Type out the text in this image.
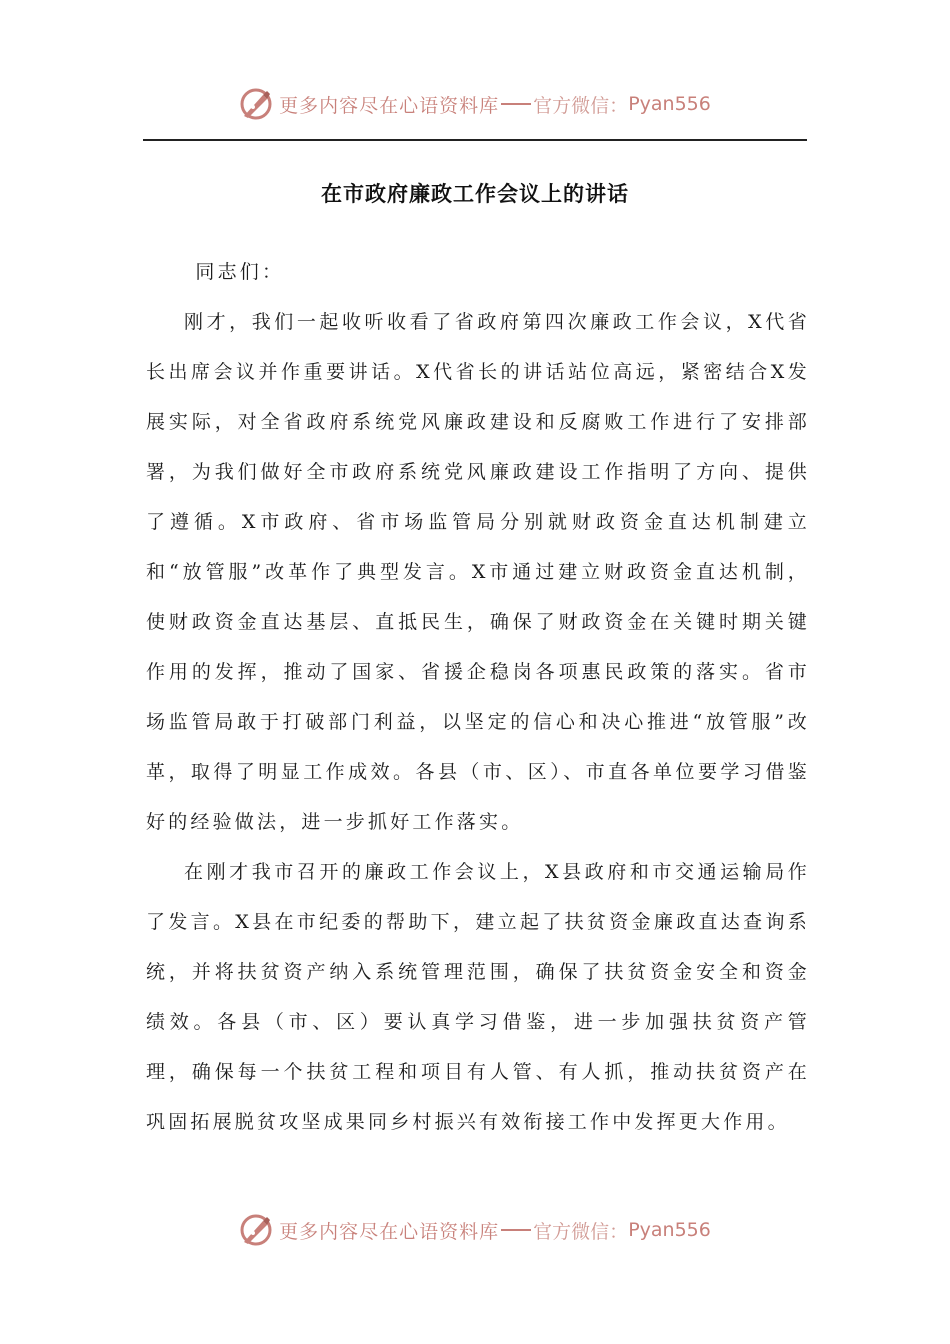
更多内容尽在心语资料库 官方微信： Pyan556
在市政府廉政工作会议上的讲话

同志们：

刚才，我们一起收听收看了省政府第四次廉政工作会议，X代省长出席会议并作重要讲话。X代省长的讲话站位高远，紧密结合X发展实际，对全省政府系统党风廉政建设和反腐败工作进行了安排部署，为我们做好全市政府系统党风廉政建设工作指明了方向、提供了遵循。X市政府、省市场监管局分别就财政资金直达机制建立和“放管服”改革作了典型发言。X市通过建立财政资金直达机制，使财政资金直达基层、直抵民生，确保了财政资金在关键时期关键作用的发挥，推动了国家、省援企稳岗各项惠民政策的落实。省市场监管局敢于打破部门利益，以坚定的信心和决心推进“放管服”改革，取得了明显工作成效。各县（市、区）、市直各单位要学习借鉴好的经验做法，进一步抓好工作落实。

在刚才我市召开的廉政工作会议上，X县政府和市交通运输局作了发言。X县在市纪委的帮助下，建立起了扶贫资金廉政直达查询系统，并将扶贫资产纳入系统管理范围，确保了扶贫资金安全和资金绩效。各县（市、区）要认真学习借鉴，进一步加强扶贫资产管理，确保每一个扶贫工程和项目有人管、有人抓，推动扶贫资产在巩固拓展脱贫攻坚成果同乡村振兴有效衔接工作中发挥更大作用。

更多内容尽在心语资料库 官方微信： Pyan556
